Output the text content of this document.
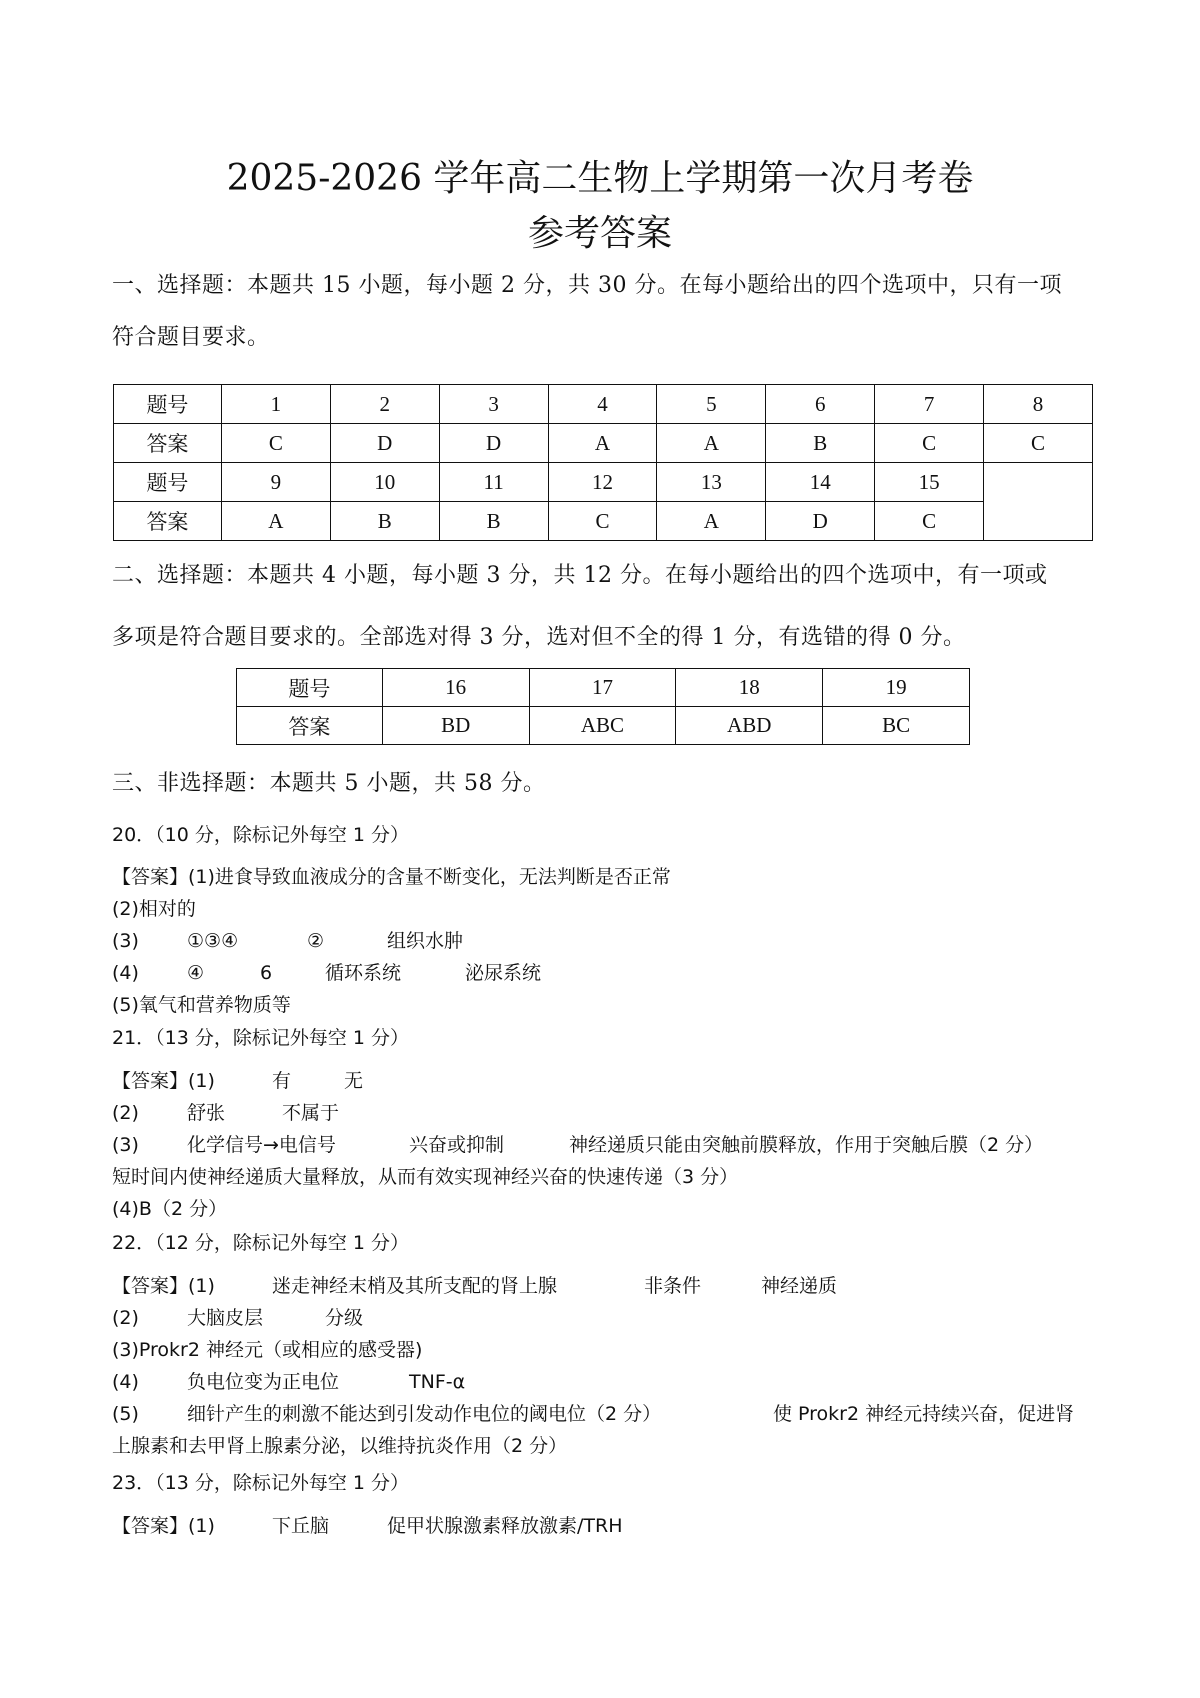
2025-2026 学年高二生物上学期第一次月考卷
参考答案
一、选择题：本题共 15 小题，每小题 2 分，共 30 分。在每小题给出的四个选项中，只有一项
符合题目要求。
题号	1	2	3	4	5	6	7	8
答案	C	D	D	A	A	B	C	C
题号	9	10	11	12	13	14	15	
答案	A	B	B	C	A	D	C	
二、选择题：本题共 4 小题，每小题 3 分，共 12 分。在每小题给出的四个选项中，有一项或
多项是符合题目要求的。全部选对得 3 分，选对但不全的得 1 分，有选错的得 0 分。
题号	16	17	18	19
答案	BD	ABC	ABD	BC
三、非选择题：本题共 5 小题，共 58 分。
20．（10 分，除标记外每空 1 分）
【答案】(1)进食导致血液成分的含量不断变化，无法判断是否正常
(2)相对的
(3)	①③④	②	组织水肿
(4)	④	6	循环系统	泌尿系统
(5)氧气和营养物质等
21．（13 分，除标记外每空 1 分）
【答案】(1)	有	无
(2)	舒张	不属于
(3)	化学信号→电信号	兴奋或抑制	神经递质只能由突触前膜释放，作用于突触后膜（2 分）
短时间内使神经递质大量释放，从而有效实现神经兴奋的快速传递（3 分）
(4)B（2 分）
22．（12 分，除标记外每空 1 分）
【答案】(1)	迷走神经末梢及其所支配的肾上腺	非条件	神经递质
(2)	大脑皮层	分级
(3)Prokr2 神经元（或相应的感受器)
(4)	负电位变为正电位	TNF-α
(5)	细针产生的刺激不能达到引发动作电位的阈电位（2 分）	使 Prokr2 神经元持续兴奋，促进肾
上腺素和去甲肾上腺素分泌，以维持抗炎作用（2 分）
23．（13 分，除标记外每空 1 分）
【答案】(1)	下丘脑	促甲状腺激素释放激素/TRH
